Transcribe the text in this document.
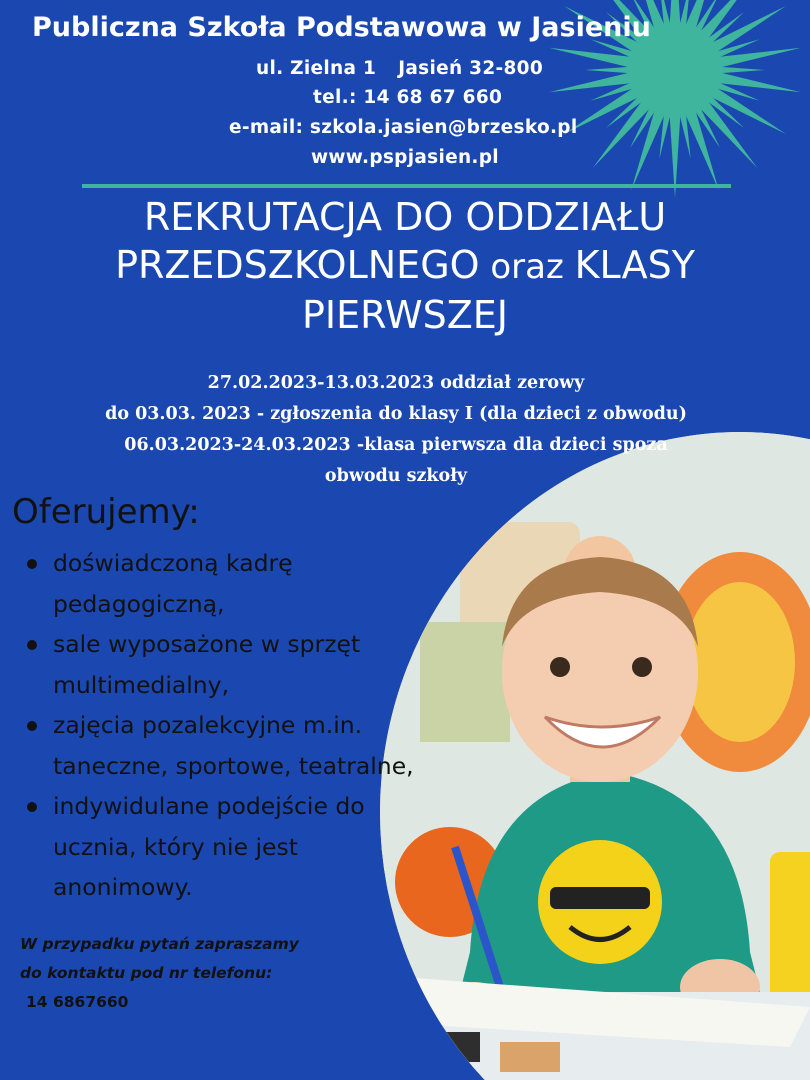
Publiczna Szkoła Podstawowa w Jasieniu
ul. Zielna 1 Jasień 32-800
tel.: 14 68 67 660
e-mail: szkola.jasien@brzesko.pl
www.pspjasien.pl
REKRUTACJA DO ODDZIAŁU
PRZEDSZKOLNEGO oraz KLASY
PIERWSZEJ
27.02.2023-13.03.2023 oddział zerowy
do 03.03. 2023 - zgłoszenia do klasy I (dla dzieci z obwodu)
06.03.2023-24.03.2023 -klasa pierwsza dla dzieci spoza
obwodu szkoły
Oferujemy:
doświadczoną kadrę
pedagogiczną,
sale wyposażone w sprzęt
multimedialny,
zajęcia pozalekcyjne m.in.
taneczne, sportowe, teatralne,
indywidulane podejście do
ucznia, który nie jest
anonimowy.
W przypadku pytań zapraszamy
do kontaktu pod nr telefonu:
14 6867660
